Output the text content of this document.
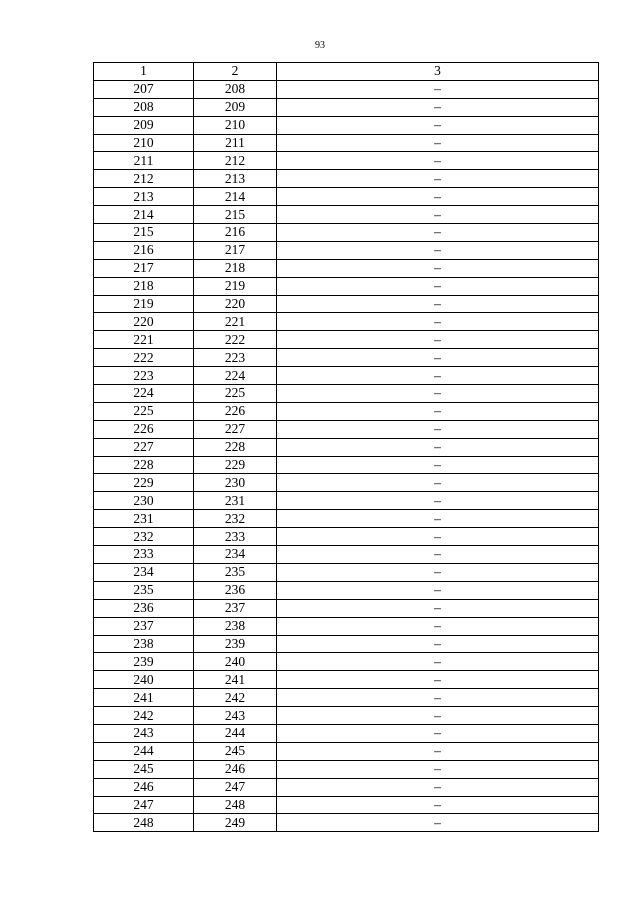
93
1	2	3
207	208	–
208	209	–
209	210	–
210	211	–
211	212	–
212	213	–
213	214	–
214	215	–
215	216	–
216	217	–
217	218	–
218	219	–
219	220	–
220	221	–
221	222	–
222	223	–
223	224	–
224	225	–
225	226	–
226	227	–
227	228	–
228	229	–
229	230	–
230	231	–
231	232	–
232	233	–
233	234	–
234	235	–
235	236	–
236	237	–
237	238	–
238	239	–
239	240	–
240	241	–
241	242	–
242	243	–
243	244	–
244	245	–
245	246	–
246	247	–
247	248	–
248	249	–
